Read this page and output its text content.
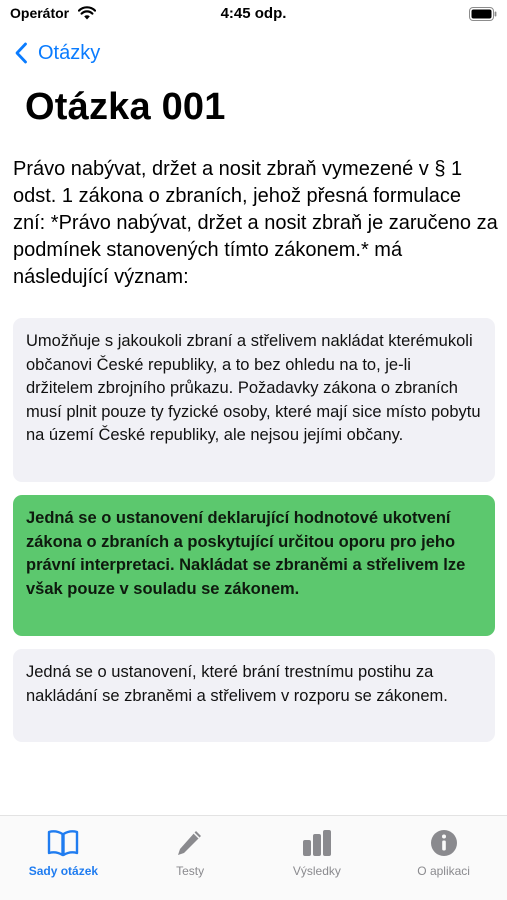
Operátor	4:45 odp.
Otázky
Otázka 001

Právo nabývat, držet a nosit zbraň vymezené v § 1 odst. 1 zákona o zbraních, jehož přesná formulace zní: *Právo nabývat, držet a nosit zbraň je zaručeno za podmínek stanovených tímto zákonem.* má následující význam:

Umožňuje s jakoukoli zbraní a střelivem nakládat kterémukoli občanovi České republiky, a to bez ohledu na to, je-li držitelem zbrojního průkazu. Požadavky zákona o zbraních musí plnit pouze ty fyzické osoby, které mají sice místo pobytu na území České republiky, ale nejsou jejími občany.
Jedná se o ustanovení deklarující hodnotové ukotvení zákona o zbraních a poskytující určitou oporu pro jeho právní interpretaci. Nakládat se zbraněmi a střelivem lze však pouze v souladu se zákonem.
Jedná se o ustanovení, které brání trestnímu postihu za nakládání se zbraněmi a střelivem v rozporu se zákonem.
Sady otázek	Testy	Výsledky	O aplikaci
